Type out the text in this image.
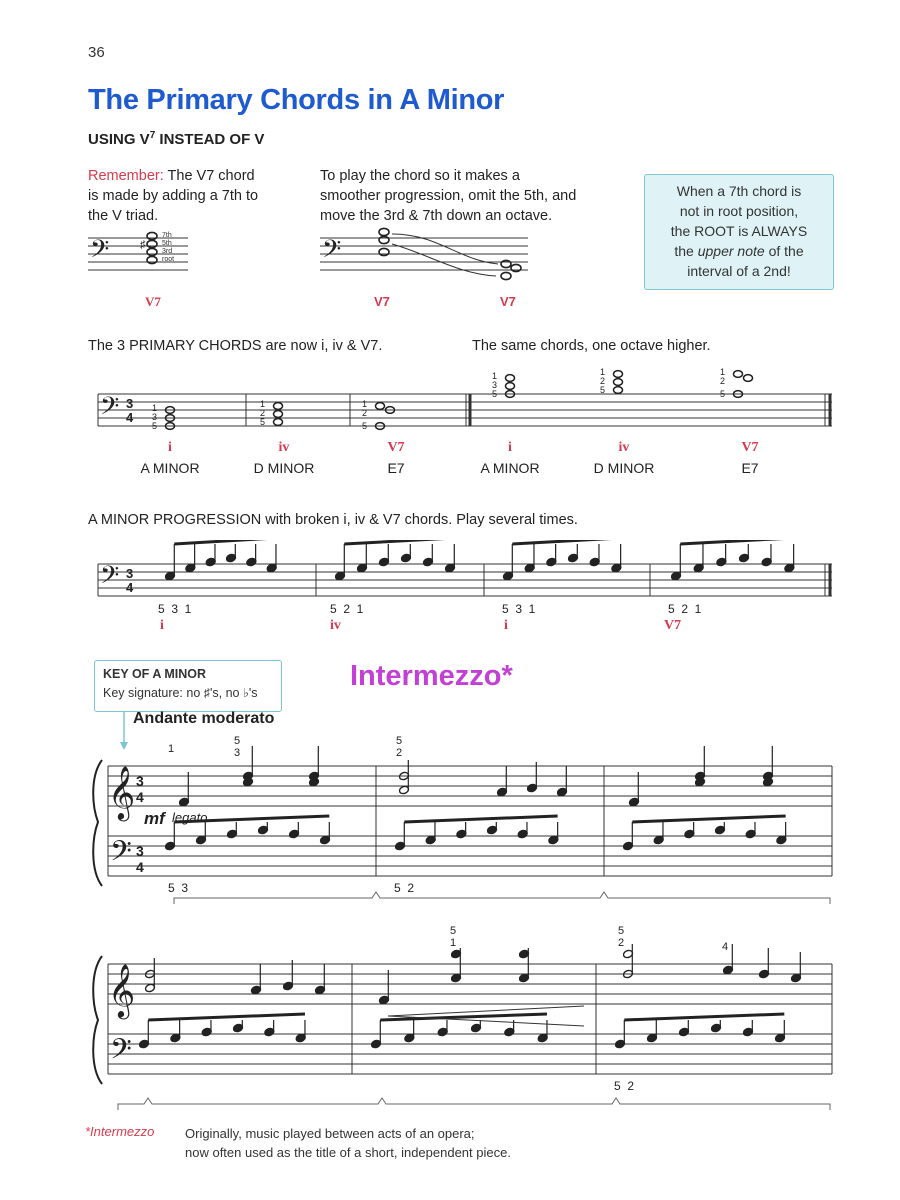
36
The Primary Chords in A Minor
USING $V^7$ INSTEAD OF V
Remember: The V7 chord
is made by adding a 7th to
the V triad.
To play the chord so it makes a
smoother progression, omit the 5th, and
move the 3rd & 7th down an octave.
When a 7th chord is
not in root position,
the ROOT is ALWAYS
the upper note of the
interval of a 2nd!
𝄢	♯
7th
5th
3rd
root	𝄢
V7	V7	V7
The 3 PRIMARY CHORDS are now i, iv & V7.	The same chords, one octave higher.
𝄢 3
4
1
3
5
1
2
5
1
2
5
1
3
5
1
2
5
1
2
5
i	iv	V7	i	iv	V7
A MINOR	D MINOR	E7	A MINOR	D MINOR	E7
A MINOR PROGRESSION with broken i, iv & V7 chords. Play several times.
𝄢 3
4
5  3  1	5  2  1	5  3  1	5  2  1
i	iv	i	V7
KEY OF A MINOR
Key signature: no ♯'s, no ♭'s
Intermezzo*
Andante moderato
𝄞
𝄢
3
4
3
4
1
5
3
5
2
mf legato
5  3	5  2
𝄞
𝄢
5
1
5
2	4
5  2
*Intermezzo Originally, music played between acts of an opera;
now often used as the title of a short, independent piece.
